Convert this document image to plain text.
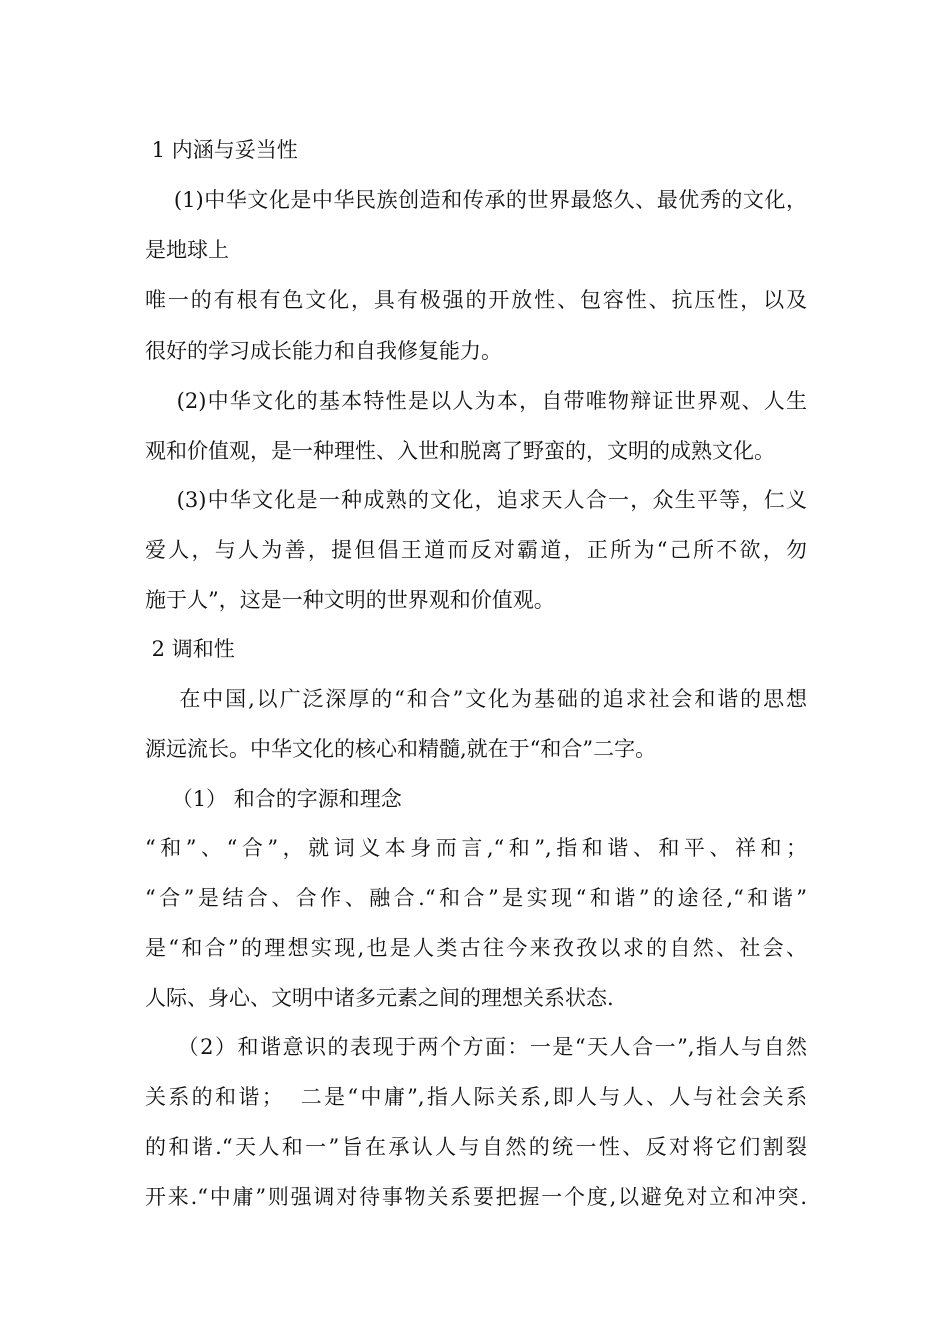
1 内涵与妥当性
(1)中华文化是中华民族创造和传承的世界最悠久、最优秀的文化，
是地球上
唯一的有根有色文化，具有极强的开放性、包容性、抗压性，以及
很好的学习成长能力和自我修复能力。
(2)中华文化的基本特性是以人为本，自带唯物辩证世界观、人生
观和价值观，是一种理性、入世和脱离了野蛮的，文明的成熟文化。
(3)中华文化是一种成熟的文化，追求天人合一，众生平等，仁义
爱人，与人为善，提但倡王道而反对霸道，正所为“己所不欲，勿
施于人”，这是一种文明的世界观和价值观。
2 调和性
在中国,以广泛深厚的“和合”文化为基础的追求社会和谐的思想
源远流长。中华文化的核心和精髓,就在于“和合”二字。
（1） 和合的字源和理念
“和”、“合”，就词义本身而言,“和”,指和谐、和平、祥和；
“合”是结合、合作、融合.“和合”是实现“和谐”的途径,“和谐”
是“和合”的理想实现,也是人类古往今来孜孜以求的自然、社会、
人际、身心、文明中诸多元素之间的理想关系状态.
（2）和谐意识的表现于两个方面：一是“天人合一”,指人与自然
关系的和谐；  二是“中庸”,指人际关系,即人与人、人与社会关系
的和谐.“天人和一”旨在承认人与自然的统一性、反对将它们割裂
开来.“中庸”则强调对待事物关系要把握一个度,以避免对立和冲突.
